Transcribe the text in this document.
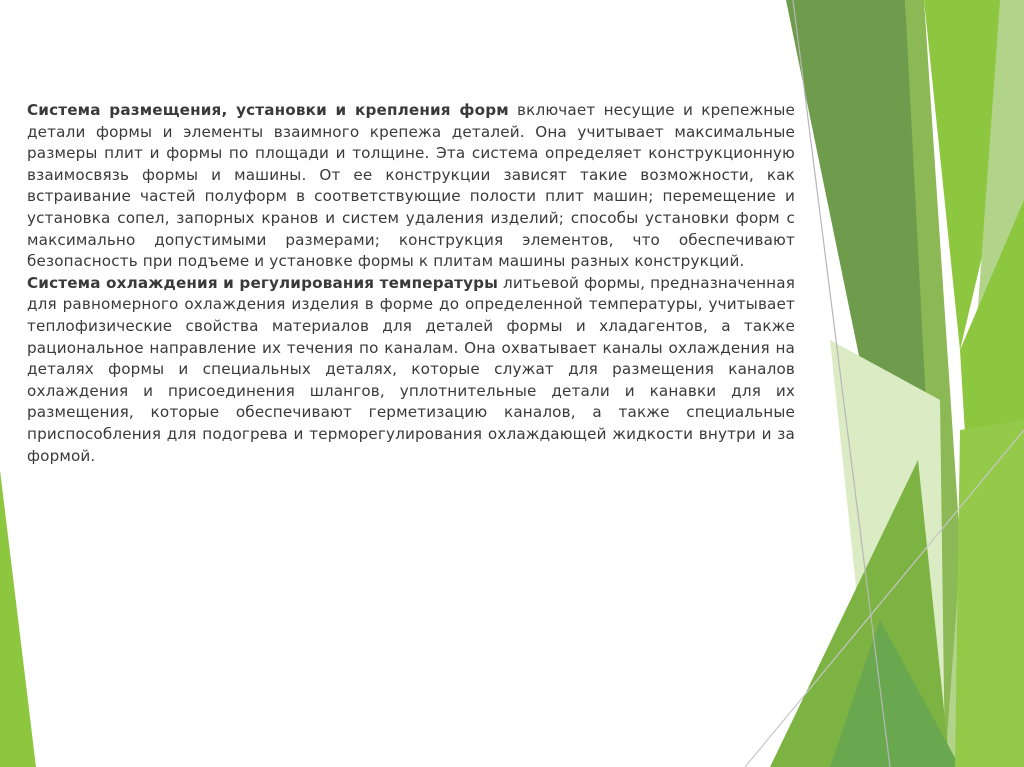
Система размещения, установки и крепления форм включает несущие и крепежные детали формы и элементы взаимного крепежа деталей. Она учитывает максимальные размеры плит и формы по площади и толщине. Эта система определяет конструкционную взаимосвязь формы и машины. От ее конструкции зависят такие возможности, как встраивание частей полуформ в соответствующие полости плит машин; перемещение и установка сопел, запорных кранов и систем удаления изделий; способы установки форм с максимально допустимыми размерами; конструкция элементов, что обеспечивают безопасность при подъеме и установке формы к плитам машины разных конструкций.

Система охлаждения и регулирования температуры литьевой формы, предназначенная для равномерного охлаждения изделия в форме до определенной температуры, учитывает теплофизические свойства материалов для деталей формы и хладагентов, а также рациональное направление их течения по каналам. Она охватывает каналы охлаждения на деталях формы и специальных деталях, которые служат для размещения каналов охлаждения и присоединения шлангов, уплотнительные детали и канавки для их размещения, которые обеспечивают герметизацию каналов, а также специальные приспособления для подогрева и терморегулирования охлаждающей жидкости внутри и за формой.
